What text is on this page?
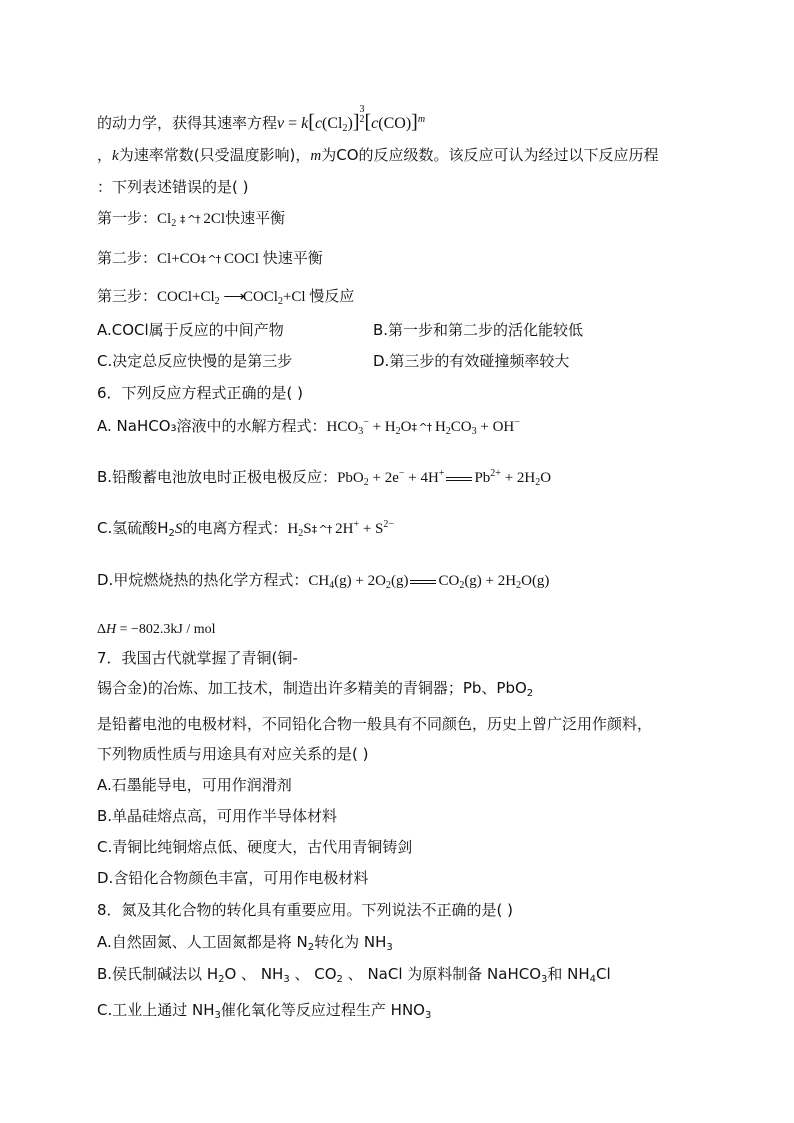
的动力学，获得其速率方程$v = k[c(Cl_2)]$
3
2 $[c(CO)]^m$
，k为速率常数(只受温度影响)，m为CO的反应级数。该反应可认为经过以下反应历程
：下列表述错误的是( )
第一步：$Cl_2$ ‡ ^† 2Cl快速平衡
第二步：Cl+CO‡ ^† COCl 快速平衡
第三步：$COCl+Cl_2$ ⟶COCl$_2$+Cl 慢反应
A.COCl属于反应的中间产物	B.第一步和第二步的活化能较低
C.决定总反应快慢的是第三步	D.第三步的有效碰撞频率较大
6．下列反应方程式正确的是( )
A. NaHCO₃溶液中的水解方程式：$HCO_3^-$ + $H_2O\ddagger$ ^† $H_2CO_3 + OH^-$
B.铅酸蓄电池放电时正极电极反应：PbO$_2$ + 2e− + 4H+ $Pb^{2+} + 2H_2O$
C.氢硫酸$H_2S$的电离方程式：$H_2S\ddagger$ ^† $2H^+ + S^{2-}$
D.甲烷燃烧热的热化学方程式：$CH_4(g) + 2O_2(g) CO_2(g) + 2H_2O(g)$
ΔH = −802.3kJ / mol
7．我国古代就掌握了青铜(铜-
锡合金)的冶炼、加工技术，制造出许多精美的青铜器；Pb、PbO$_2$
是铅蓄电池的电极材料，不同铅化合物一般具有不同颜色，历史上曾广泛用作颜料，
下列物质性质与用途具有对应关系的是( )
A.石墨能导电，可用作润滑剂
B.单晶硅熔点高，可用作半导体材料
C.青铜比纯铜熔点低、硬度大，古代用青铜铸剑
D.含铅化合物颜色丰富，可用作电极材料
8．氮及其化合物的转化具有重要应用。下列说法不正确的是( )
A.自然固氮、人工固氮都是将 $N_2$转化为 $NH_3$
B.侯氏制碱法以 $H_2O$ 、 $NH_3$ 、 $CO_2$ 、 NaCl 为原料制备 NaHCO$_3$和 $NH_4Cl$
C.工业上通过 $NH_3$催化氧化等反应过程生产 $HNO_3$
